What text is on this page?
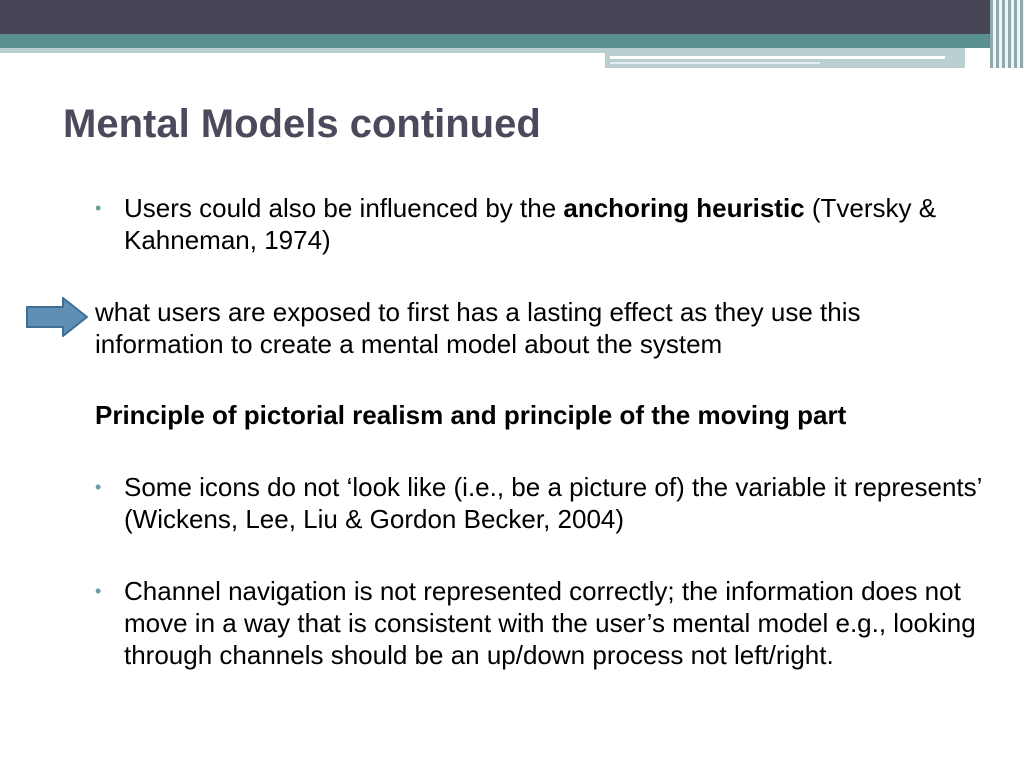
Mental Models continued
• Users could also be influenced by the anchoring heuristic (Tversky & Kahneman, 1974)
what users are exposed to first has a lasting effect as they use this information to create a mental model about the system
Principle of pictorial realism and principle of the moving part
• Some icons do not ‘look like (i.e., be a picture of) the variable it represents’ (Wickens, Lee, Liu & Gordon Becker, 2004)
• Channel navigation is not represented correctly; the information does not move in a way that is consistent with the user’s mental model e.g., looking through channels should be an up/down process not left/right.
